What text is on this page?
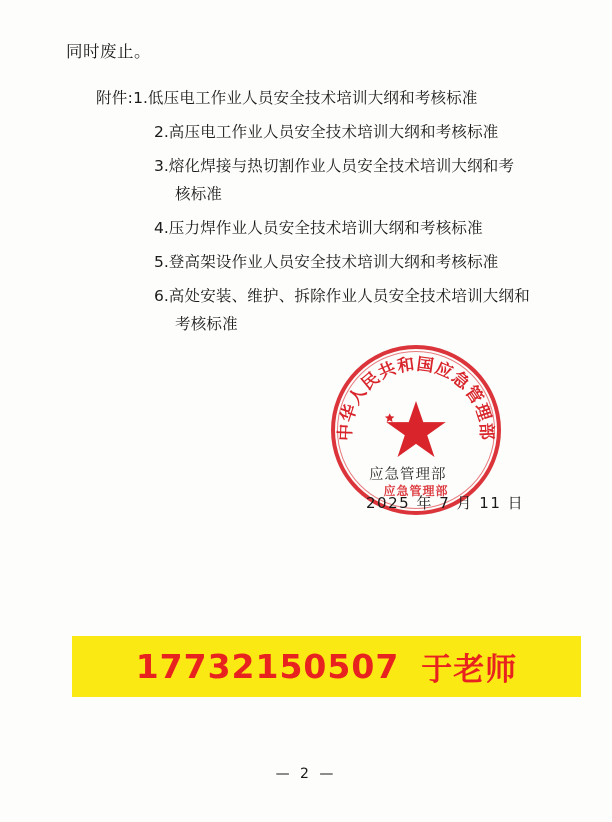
同时废止。
附件: 1. 低压电工作业人员安全技术培训大纲和考核标准
2. 高压电工作业人员安全技术培训大纲和考核标准
3. 熔化焊接与热切割作业人员安全技术培训大纲和考
核标准
4. 压力焊作业人员安全技术培训大纲和考核标准
5. 登高架设作业人员安全技术培训大纲和考核标准
6. 高处安装、维护、拆除作业人员安全技术培训大纲和
考核标准
中华人民共和国应急管理部
应急管理部
应急管理部
2025 年 7 月 11 日
17732150507 于老师
— 2 —
